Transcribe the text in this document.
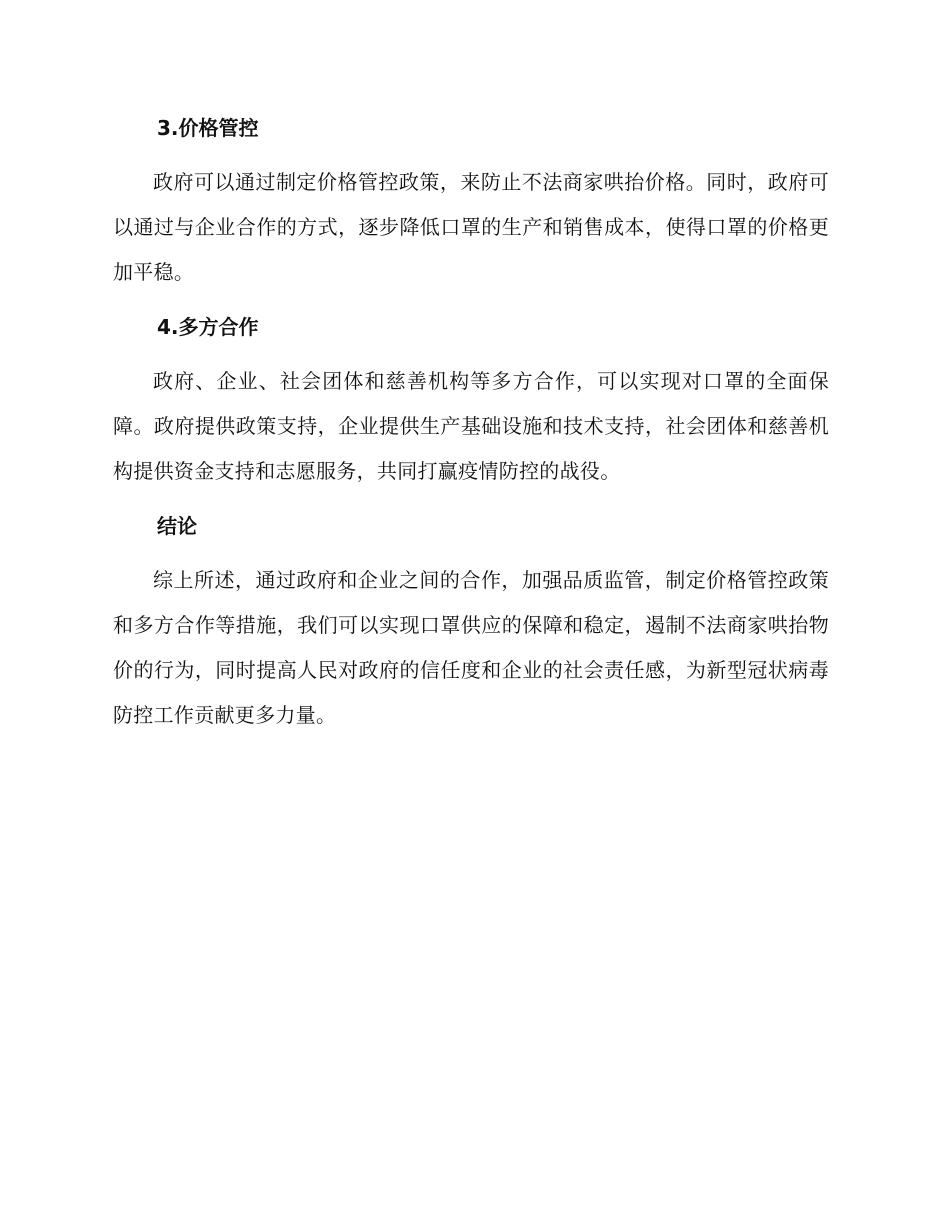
3.价格管控

政府可以通过制定价格管控政策，来防止不法商家哄抬价格。同时，政府可以通过与企业合作的方式，逐步降低口罩的生产和销售成本，使得口罩的价格更加平稳。

4.多方合作

政府、企业、社会团体和慈善机构等多方合作，可以实现对口罩的全面保障。政府提供政策支持，企业提供生产基础设施和技术支持，社会团体和慈善机构提供资金支持和志愿服务，共同打赢疫情防控的战役。

结论

综上所述，通过政府和企业之间的合作，加强品质监管，制定价格管控政策和多方合作等措施，我们可以实现口罩供应的保障和稳定，遏制不法商家哄抬物价的行为，同时提高人民对政府的信任度和企业的社会责任感，为新型冠状病毒防控工作贡献更多力量。
